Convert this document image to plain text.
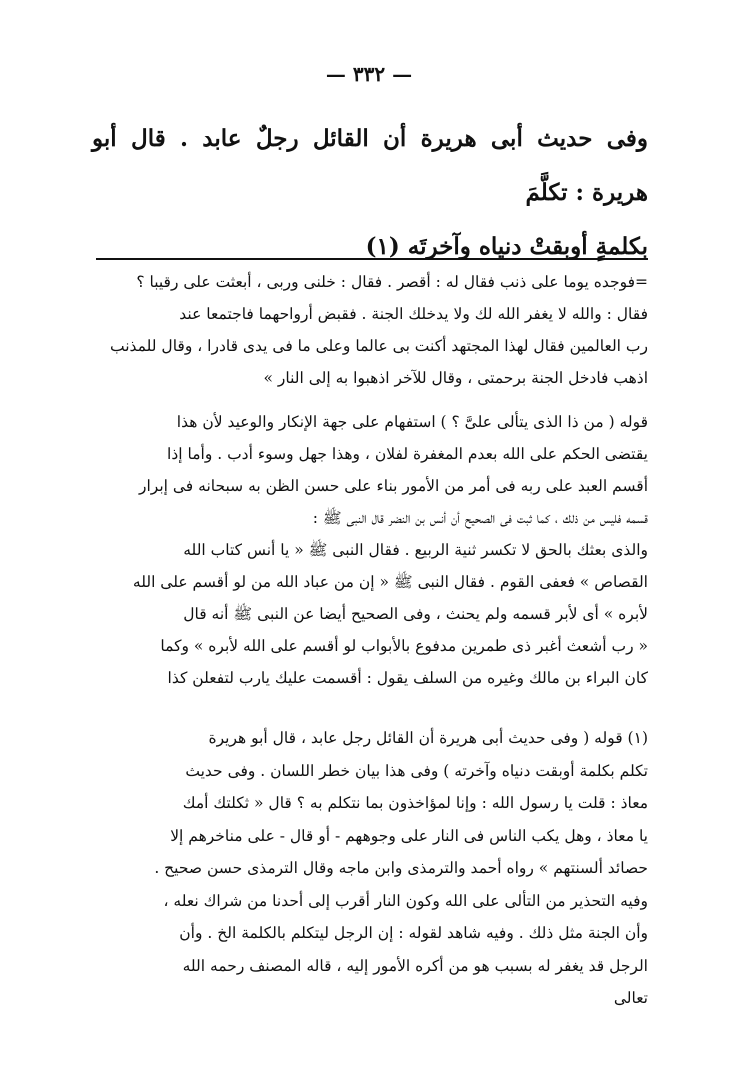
— ٣٣٢ —

وفى حديث أبى هريرة أن القائل رجلٌ عابد . قال أبو هريرة : تكلَّمَ

بكلمةٍ أوبقتْ دنياه وآخرتَه (١)

=فوجده يوما على ذنب فقال له : أقصر . فقال : خلنى وربى ، أبعثت على رقيبا ؟

فقال : والله لا يغفر الله لك ولا يدخلك الجنة . فقبض أرواحهما فاجتمعا عند

رب العالمين فقال لهذا المجتهد أكنت بى عالما وعلى ما فى يدى قادرا ، وقال للمذنب

اذهب فادخل الجنة برحمتى ، وقال للآخر اذهبوا به إلى النار »

قوله ( من ذا الذى يتألى علىَّ ؟ ) استفهام على جهة الإنكار والوعيد لأن هذا

يقتضى الحكم على الله بعدم المغفرة لفلان ، وهذا جهل وسوء أدب . وأما إذا

أقسم العبد على ربه فى أمر من الأمور بناء على حسن الظن به سبحانه فى إبرار

قسمه فليس من ذلك ، كما ثبت فى الصحيح أن أنس بن النضر قال النبى ﷺ :

والذى بعثك بالحق لا تكسر ثنية الربيع . فقال النبى ﷺ « يا أنس كتاب الله

القصاص » فعفى القوم . فقال النبى ﷺ « إن من عباد الله من لو أقسم على الله

لأبره » أى لأبر قسمه ولم يحنث ، وفى الصحيح أيضا عن النبى ﷺ أنه قال

« رب أشعث أغبر ذى طمرين مدفوع بالأبواب لو أقسم على الله لأبره » وكما

كان البراء بن مالك وغيره من السلف يقول : أقسمت عليك يارب لتفعلن كذا

(١) قوله ( وفى حديث أبى هريرة أن القائل رجل عابد ، قال أبو هريرة

تكلم بكلمة أوبقت دنياه وآخرته ) وفى هذا بيان خطر اللسان . وفى حديث

معاذ : قلت يا رسول الله : وإنا لمؤاخذون بما نتكلم به ؟ قال « ثكلتك أمك

يا معاذ ، وهل يكب الناس فى النار على وجوههم - أو قال - على مناخرهم إلا

حصائد ألسنتهم » رواه أحمد والترمذى وابن ماجه وقال الترمذى حسن صحيح .

وفيه التحذير من التألى على الله وكون النار أقرب إلى أحدنا من شراك نعله ،

وأن الجنة مثل ذلك . وفيه شاهد لقوله : إن الرجل ليتكلم بالكلمة الخ . وأن

الرجل قد يغفر له بسبب هو من أكره الأمور إليه ، قاله المصنف رحمه الله

تعالى
